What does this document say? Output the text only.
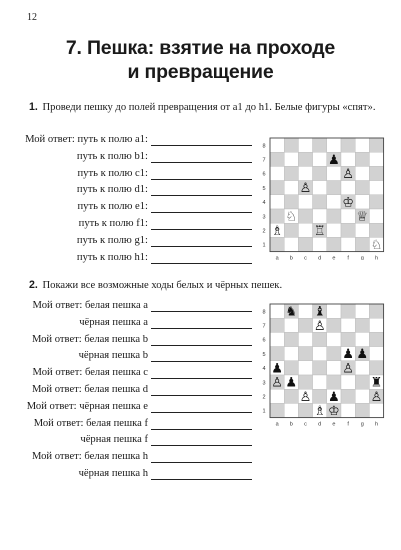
12
7. Пешка: взятие на проходе
и превращение
1. Проведи пешку до полей превращения от a1 до h1. Белые фигуры «спят».
Мой ответ: путь к полю a1:
путь к полю b1:
путь к полю c1:
путь к полю d1:
путь к полю e1:
путь к полю f1:
путь к полю g1:
путь к полю h1:
8
7
6
5
4
3
2
1
a b c d e f g h
♟
♙
♙
♔
♘	♕
♗ ♖
♘
2. Покажи все возможные ходы белых и чёрных пешек.
Мой ответ: белая пешка a
чёрная пешка a
Мой ответ: белая пешка b
чёрная пешка b
Мой ответ: белая пешка c
Мой ответ: белая пешка d
Мой ответ: чёрная пешка e
Мой ответ: белая пешка f
чёрная пешка f
Мой ответ: белая пешка h
чёрная пешка h
8
7
6
5
4
3
2
1
a b c d e f g h
♞ ♝
♙
♟ ♟
♟	♙
♙ ♟	♜
♙ ♟ ♙
♗ ♔
